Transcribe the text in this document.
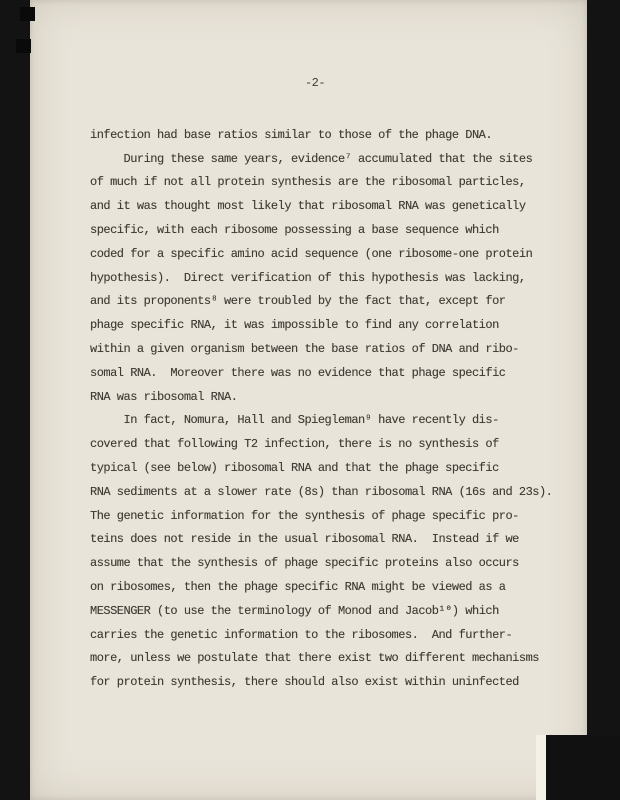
-2-
infection had base ratios similar to those of the phage DNA.
During these same years, evidence⁷ accumulated that the sites
of much if not all protein synthesis are the ribosomal particles,
and it was thought most likely that ribosomal RNA was genetically
specific, with each ribosome possessing a base sequence which
coded for a specific amino acid sequence (one ribosome-one protein
hypothesis).  Direct verification of this hypothesis was lacking,
and its proponents⁸ were troubled by the fact that, except for
phage specific RNA, it was impossible to find any correlation
within a given organism between the base ratios of DNA and ribo-
somal RNA.  Moreover there was no evidence that phage specific
RNA was ribosomal RNA.
In fact, Nomura, Hall and Spiegleman⁹ have recently dis-
covered that following T2 infection, there is no synthesis of
typical (see below) ribosomal RNA and that the phage specific
RNA sediments at a slower rate (8s) than ribosomal RNA (16s and 23s).
The genetic information for the synthesis of phage specific pro-
teins does not reside in the usual ribosomal RNA.  Instead if we
assume that the synthesis of phage specific proteins also occurs
on ribosomes, then the phage specific RNA might be viewed as a
MESSENGER (to use the terminology of Monod and Jacob¹⁰) which
carries the genetic information to the ribosomes.  And further-
more, unless we postulate that there exist two different mechanisms
for protein synthesis, there should also exist within uninfected
